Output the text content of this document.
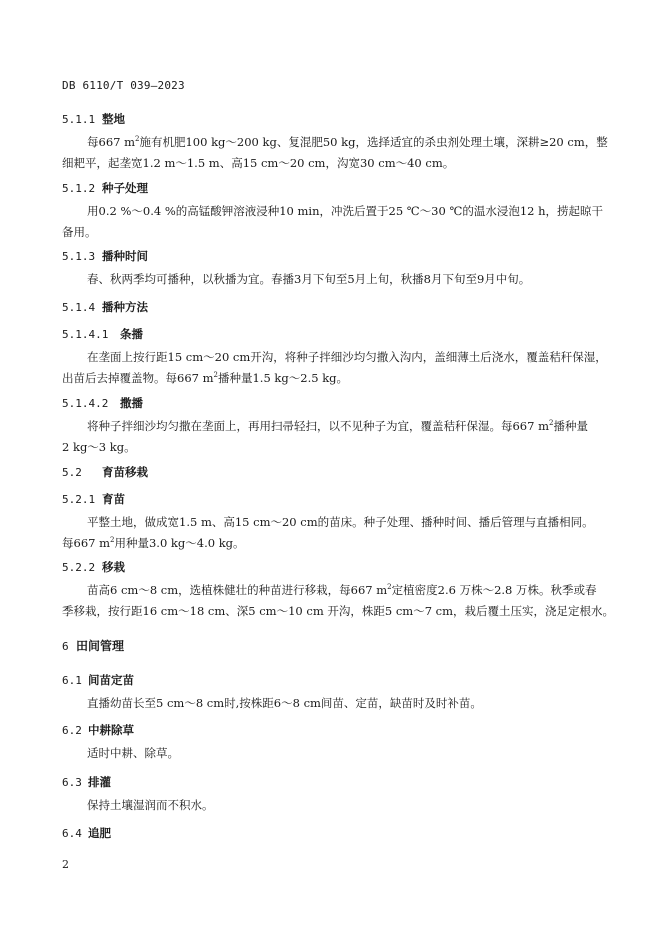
DB 6110/T 039—2023
5.1.1 整地
每667 $m^2$施有机肥100 kg～200 kg、复混肥50 kg，选择适宜的杀虫剂处理土壤，深耕≥20 cm，整
细耙平，起垄宽1.2 m～1.5 m、高15 cm～20 cm，沟宽30 cm～40 cm。
5.1.2 种子处理
用0.2 %～0.4 %的高锰酸钾溶液浸种10 min，冲洗后置于25 ℃～30 ℃的温水浸泡12 h，捞起晾干
备用。
5.1.3 播种时间
春、秋两季均可播种，以秋播为宜。春播3月下旬至5月上旬，秋播8月下旬至9月中旬。
5.1.4 播种方法
5.1.4.1 条播
在垄面上按行距15 cm～20 cm开沟，将种子拌细沙均匀撒入沟内，盖细薄土后浇水，覆盖秸秆保湿，
出苗后去掉覆盖物。每667 $m^2$播种量1.5 kg～2.5 kg。
5.1.4.2 撒播
将种子拌细沙均匀撒在垄面上，再用扫帚轻扫，以不见种子为宜，覆盖秸秆保湿。每667 $m^2$播种量
2 kg～3 kg。
5.2 育苗移栽
5.2.1 育苗
平整土地，做成宽1.5 m、高15 cm～20 cm的苗床。种子处理、播种时间、播后管理与直播相同。
每667 $m^2$用种量3.0 kg～4.0 kg。
5.2.2 移栽
苗高6 cm～8 cm，选植株健壮的种苗进行移栽，每667 $m^2$定植密度2.6 万株～2.8 万株。秋季或春
季移栽，按行距16 cm～18 cm、深5 cm～10 cm 开沟，株距5 cm～7 cm，栽后覆土压实，浇足定根水。
6 田间管理
6.1 间苗定苗
直播幼苗长至5 cm～8 cm时,按株距6～8 cm间苗、定苗，缺苗时及时补苗。
6.2 中耕除草
适时中耕、除草。
6.3 排灌
保持土壤湿润而不积水。
6.4 追肥
2
